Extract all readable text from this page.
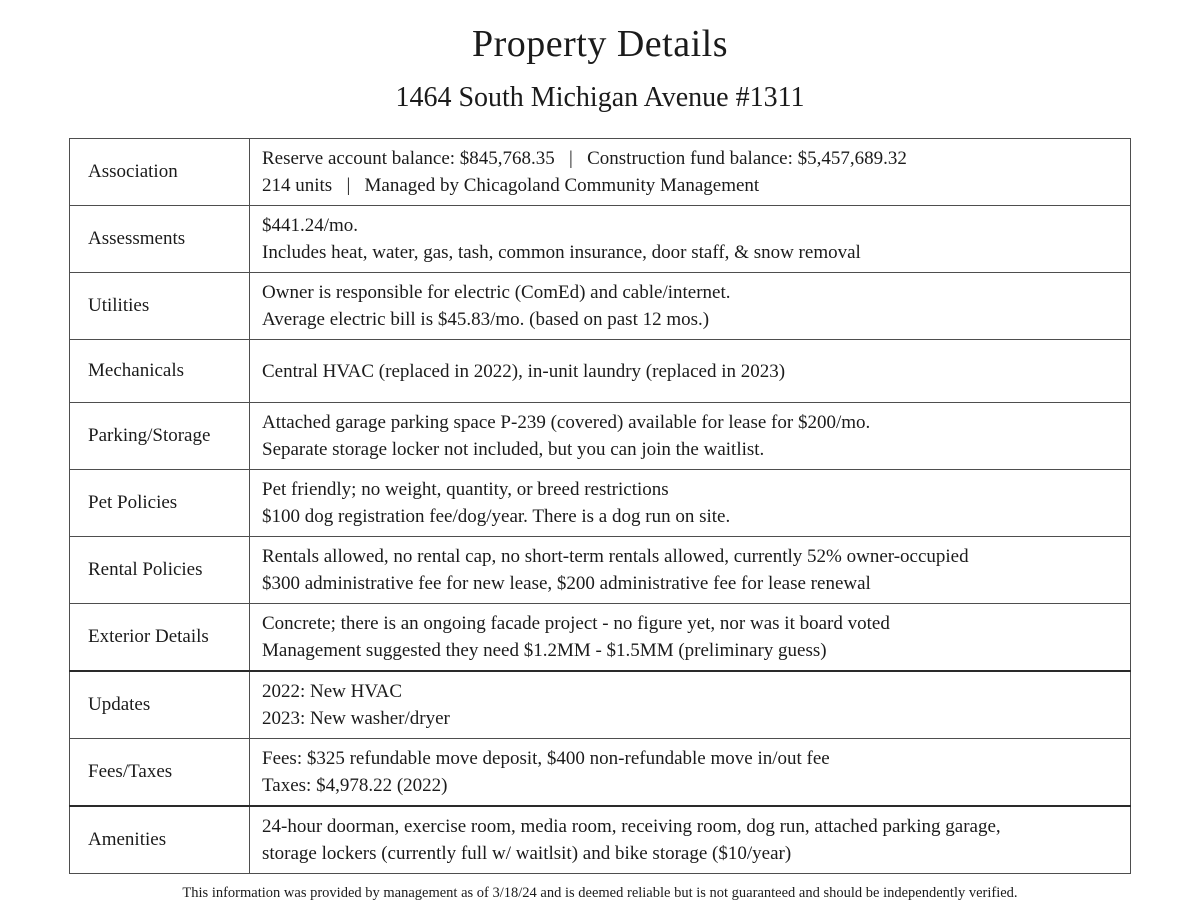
Property Details
1464 South Michigan Avenue #1311
Association	Reserve account balance: $845,768.35   |   Construction fund balance: $5,457,689.32
214 units   |   Managed by Chicagoland Community Management

Assessments	$441.24/mo.
Includes heat, water, gas, tash, common insurance, door staff, & snow removal

Utilities	Owner is responsible for electric (ComEd) and cable/internet.
Average electric bill is $45.83/mo. (based on past 12 mos.)

Mechanicals	Central HVAC (replaced in 2022), in-unit laundry (replaced in 2023)

Parking/Storage	Attached garage parking space P-239 (covered) available for lease for $200/mo.
Separate storage locker not included, but you can join the waitlist.

Pet Policies	Pet friendly; no weight, quantity, or breed restrictions
$100 dog registration fee/dog/year. There is a dog run on site.

Rental Policies	Rentals allowed, no rental cap, no short-term rentals allowed, currently 52% owner-occupied
$300 administrative fee for new lease, $200 administrative fee for lease renewal

Exterior Details	Concrete; there is an ongoing facade project - no figure yet, nor was it board voted
Management suggested they need $1.2MM - $1.5MM (preliminary guess)

Updates	2022: New HVAC
2023: New washer/dryer

Fees/Taxes	Fees: $325 refundable move deposit, $400 non-refundable move in/out fee
Taxes: $4,978.22 (2022)

Amenities	24-hour doorman, exercise room, media room, receiving room, dog run, attached parking garage,
storage lockers (currently full w/ waitlsit) and bike storage ($10/year)

This information was provided by management as of 3/18/24 and is deemed reliable but is not guaranteed and should be independently verified.
